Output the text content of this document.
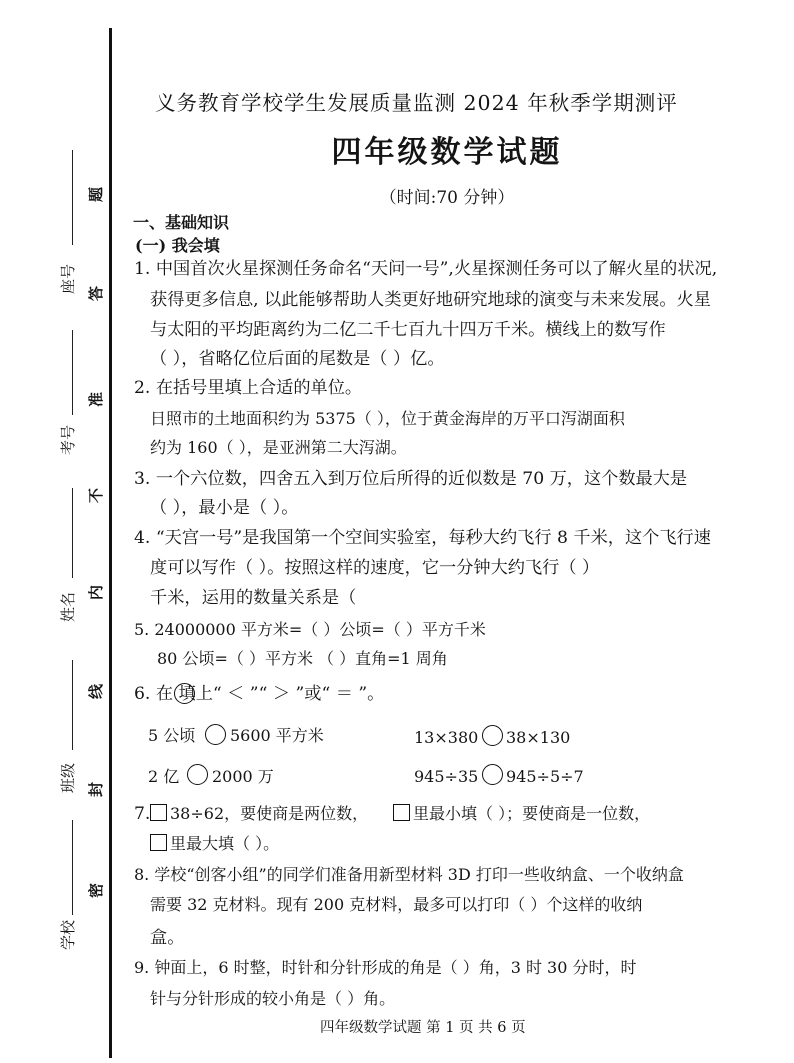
题
答
准
不
内
线
封
密
座号
考号
姓名
班级
学校
义务教育学校学生发展质量监测 2024 年秋季学期测评
四年级数学试题
（时间:70 分钟）
一、基础知识
(一) 我会填
1. 中国首次火星探测任务命名“天问一号”,火星探测任务可以了解火星的状况,
获得更多信息, 以此能够帮助人类更好地研究地球的演变与未来发展。火星
与太阳的平均距离约为二亿二千七百九十四万千米。横线上的数写作
（ ），省略亿位后面的尾数是（ ）亿。
2. 在括号里填上合适的单位。
日照市的土地面积约为 5375（ ），位于黄金海岸的万平口泻湖面积
约为 160（ ），是亚洲第二大泻湖。
3. 一个六位数，四舍五入到万位后所得的近似数是 70 万，这个数最大是
（ ），最小是（ ）。
4. “天宫一号”是我国第一个空间实验室，每秒大约飞行 8 千米，这个飞行速
度可以写作（ ）。按照这样的速度，它一分钟大约飞行（ ）
千米，运用的数量关系是（
5. 24000000 平方米=（ ）公顷=（ ）平方千米
80 公顷=（ ）平方米 （ ）直角=1 周角
6. 在 填上“ ＜ ”“ ＞ ”或“ ＝ ”。
5 公顷 5600 平方米	13×380 38×130
2 亿 2000 万	945÷35 945÷5÷7
7. 38÷62，要使商是两位数，	里最小填（ ）；要使商是一位数，
里最大填（ ）。
8. 学校“创客小组”的同学们准备用新型材料 3D 打印一些收纳盒、一个收纳盒
需要 32 克材料。现有 200 克材料，最多可以打印（ ）个这样的收纳
盒。
9. 钟面上，6 时整，时针和分针形成的角是（ ）角，3 时 30 分时，时
针与分针形成的较小角是（ ）角。
四年级数学试题 第 1 页 共 6 页
